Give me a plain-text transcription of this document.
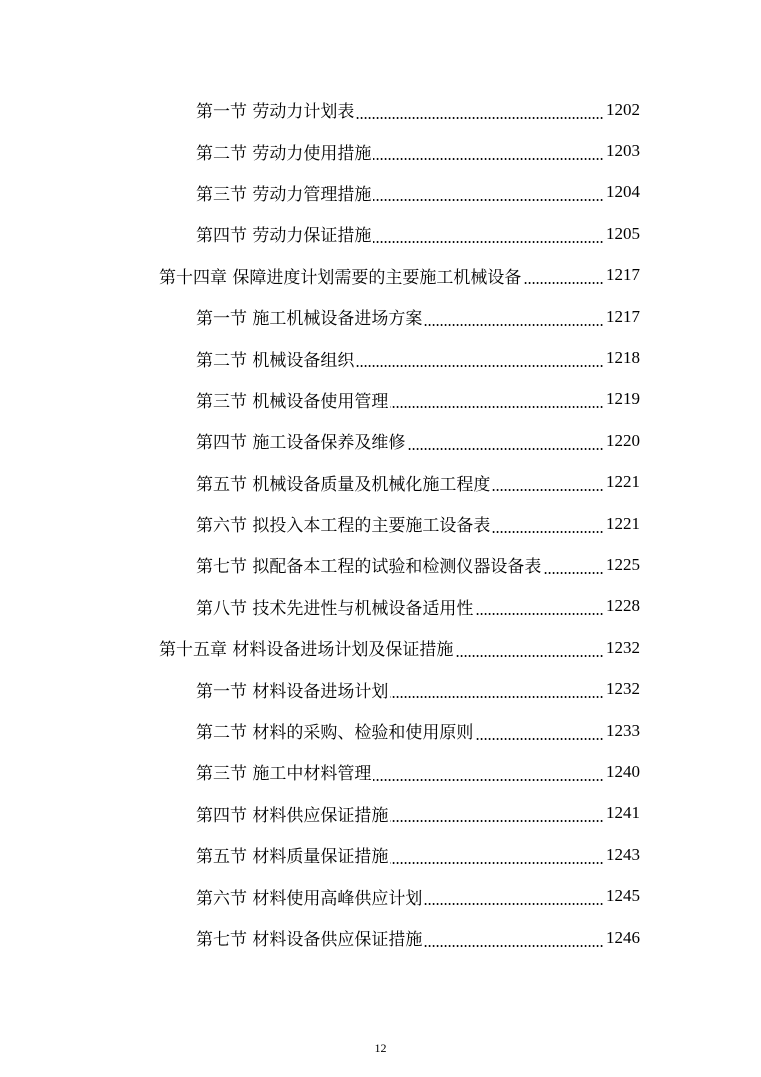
第一节 劳动力计划表	1202
第二节 劳动力使用措施	1203
第三节 劳动力管理措施	1204
第四节 劳动力保证措施	1205
第十四章 保障进度计划需要的主要施工机械设备	1217
第一节 施工机械设备进场方案	1217
第二节 机械设备组织	1218
第三节 机械设备使用管理	1219
第四节 施工设备保养及维修	1220
第五节 机械设备质量及机械化施工程度	1221
第六节 拟投入本工程的主要施工设备表	1221
第七节 拟配备本工程的试验和检测仪器设备表	1225
第八节 技术先进性与机械设备适用性	1228
第十五章 材料设备进场计划及保证措施	1232
第一节 材料设备进场计划	1232
第二节 材料的采购、检验和使用原则	1233
第三节 施工中材料管理	1240
第四节 材料供应保证措施	1241
第五节 材料质量保证措施	1243
第六节 材料使用高峰供应计划	1245
第七节 材料设备供应保证措施	1246
12
